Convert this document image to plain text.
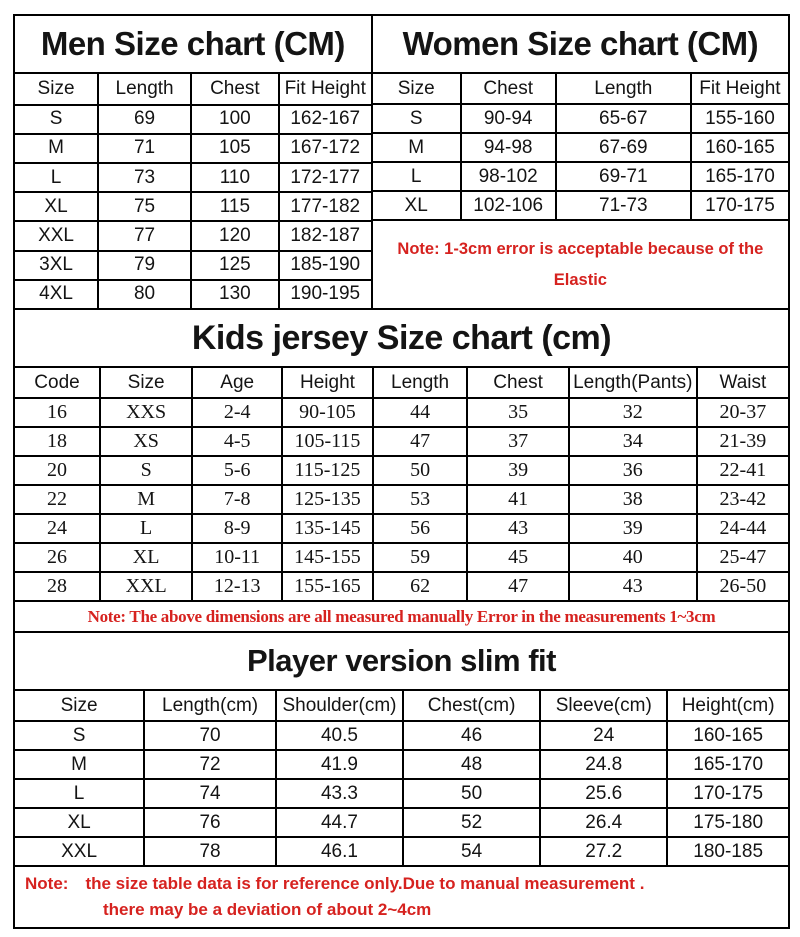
Men Size chart (CM)			
Size	Length	Chest	Fit Height
S	69	100	162-167
M	71	105	167-172
L	73	110	172-177
XL	75	115	177-182
XXL	77	120	182-187
3XL	79	125	185-190
4XL	80	130	190-195
Women Size chart (CM)			
Size	Chest	Length	Fit Height
S	90-94	65-67	155-160
M	94-98	67-69	160-165
L	98-102	69-71	165-170
XL	102-106	71-73	170-175
Note: 1-3cm error is acceptable because of the Elastic			
Kids jersey Size chart (cm)							
Code	Size	Age	Height	Length	Chest	Length(Pants)	Waist
16	XXS	2-4	90-105	44	35	32	20-37
18	XS	4-5	105-115	47	37	34	21-39
20	S	5-6	115-125	50	39	36	22-41
22	M	7-8	125-135	53	41	38	23-42
24	L	8-9	135-145	56	43	39	24-44
26	XL	10-11	145-155	59	45	40	25-47
28	XXL	12-13	155-165	62	47	43	26-50
Note: The above dimensions are all measured manually Error in the measurements 1~3cm							
Player version slim fit					
Size	Length(cm)	Shoulder(cm)	Chest(cm)	Sleeve(cm)	Height(cm)
S	70	40.5	46	24	160-165
M	72	41.9	48	24.8	165-170
L	74	43.3	50	25.6	170-175
XL	76	44.7	52	26.4	175-180
XXL	78	46.1	54	27.2	180-185

Note: the size table data is for reference only.Due to manual measurement .
there may be a deviation of about 2~4cm					
